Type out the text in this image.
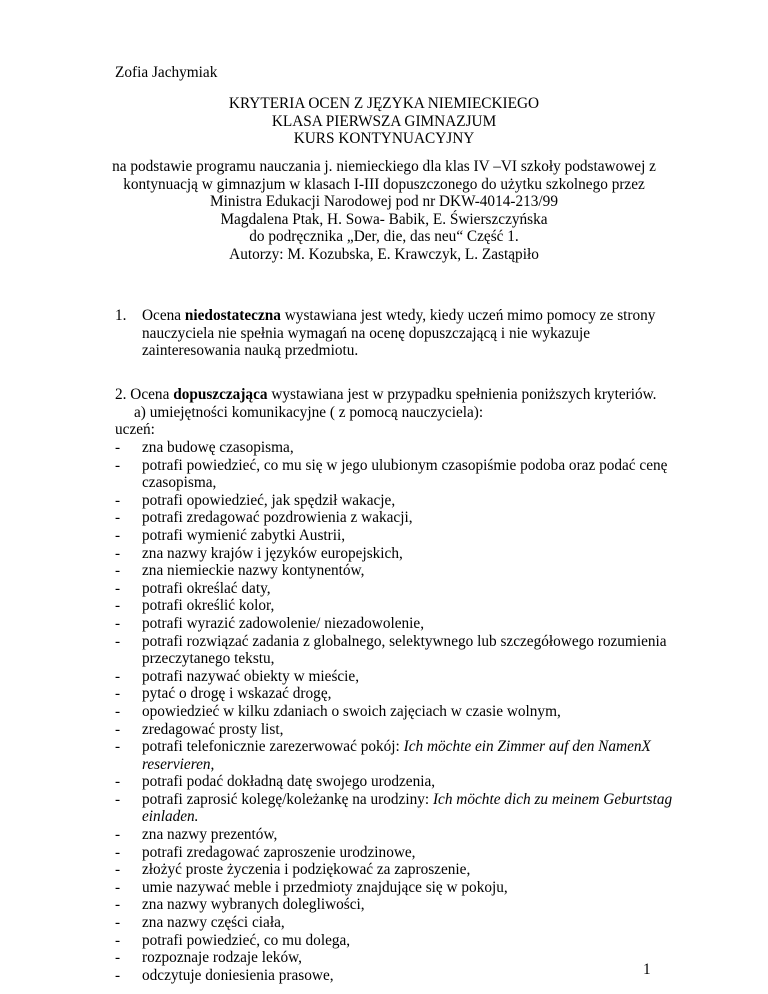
Zofia Jachymiak
KRYTERIA OCEN Z JĘZYKA NIEMIECKIEGO
KLASA PIERWSZA GIMNAZJUM
KURS KONTYNUACYJNY
na podstawie programu nauczania j. niemieckiego dla klas IV –VI szkoły podstawowej z
kontynuacją w gimnazjum w klasach I-III dopuszczonego do użytku szkolnego przez
Ministra Edukacji Narodowej pod nr DKW-4014-213/99
Magdalena Ptak, H. Sowa- Babik, E. Świerszczyńska
do podręcznika „Der, die, das neu“ Część 1.
Autorzy: M. Kozubska, E. Krawczyk, L. Zastąpiło
1. Ocena niedostateczna wystawiana jest wtedy, kiedy uczeń mimo pomocy ze strony
nauczyciela nie spełnia wymagań na ocenę dopuszczającą i nie wykazuje
zainteresowania nauką przedmiotu.
2. Ocena dopuszczająca wystawiana jest w przypadku spełnienia poniższych kryteriów.
a) umiejętności komunikacyjne ( z pomocą nauczyciela):
uczeń:
- zna budowę czasopisma,
- potrafi powiedzieć, co mu się w jego ulubionym czasopiśmie podoba oraz podać cenę
czasopisma,
- potrafi opowiedzieć, jak spędził wakacje,
- potrafi zredagować pozdrowienia z wakacji,
- potrafi wymienić zabytki Austrii,
- zna nazwy krajów i języków europejskich,
- zna niemieckie nazwy kontynentów,
- potrafi określać daty,
- potrafi określić kolor,
- potrafi wyrazić zadowolenie/ niezadowolenie,
- potrafi rozwiązać zadania z globalnego, selektywnego lub szczegółowego rozumienia
przeczytanego tekstu,
- potrafi nazywać obiekty w mieście,
- pytać o drogę i wskazać drogę,
- opowiedzieć w kilku zdaniach o swoich zajęciach w czasie wolnym,
- zredagować prosty list,
- potrafi telefonicznie zarezerwować pokój: Ich möchte ein Zimmer auf den NamenX
reservieren,
- potrafi podać dokładną datę swojego urodzenia,
- potrafi zaprosić kolegę/koleżankę na urodziny: Ich möchte dich zu meinem Geburtstag
einladen.
- zna nazwy prezentów,
- potrafi zredagować zaproszenie urodzinowe,
- złożyć proste życzenia i podziękować za zaproszenie,
- umie nazywać meble i przedmioty znajdujące się w pokoju,
- zna nazwy wybranych dolegliwości,
- zna nazwy części ciała,
- potrafi powiedzieć, co mu dolega,
- rozpoznaje rodzaje leków,
- odczytuje doniesienia prasowe,	1
